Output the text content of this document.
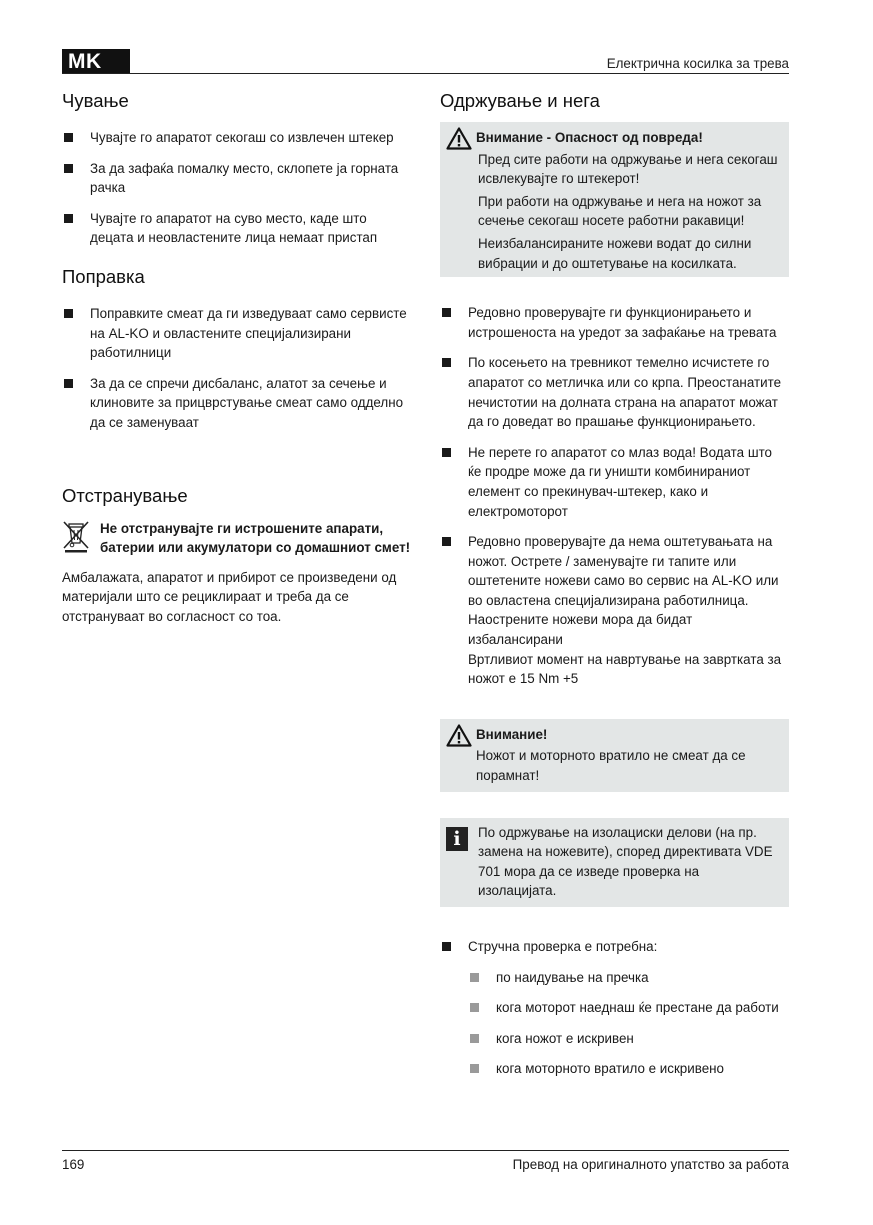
MK	Електрична косилка за трева
Чување
Чувајте го апаратот секогаш со извлечен штекер
За да зафаќа помалку место, склопете ја горната рачка
Чувајте го апаратот на суво место, каде што децата и неовластените лица немаат пристап
Поправка
Поправките смеат да ги изведуваат само сервисте на AL-KO и овластените специјализирани работилници
За да се спречи дисбаланс, алатот за сечење и клиновите за прицврстување смеат само одделно да се заменуваат
Отстранување
Не отстранувајте ги истрошените апарати, батерии или акумулатори со домашниот смет!
Амбалажата, апаратот и прибирот се произведени од материјали што се рециклираат и треба да се отстрануваат во согласност со тоа.
Одржување и нега
Внимание - Опасност од повреда!
Пред сите работи на одржување и нега секогаш исвлекувајте го штекерот!
При работи на одржување и нега на ножот за сечење секогаш носете работни ракавици!
Неизбалансираните ножеви водат до силни вибрации и до оштетување на косилката.
Редовно проверувајте ги функционирањето и истрошеноста на уредот за зафаќање на тревата
По косењето на тревникот темелно исчистете го апаратот со метличка или со крпа. Преостанатите нечистотии на долната страна на апаратот можат да го доведат во прашање функционирањето.
Не перете го апаратот со млаз вода! Водата што ќе продре може да ги уништи комбинираниот елемент со прекинувач-штекер, како и електромоторот
Редовно проверувајте да нема оштетувањата на ножот. Острете / заменувајте ги тапите или оштетените ножеви само во сервис на AL-KO или во овластена специјализирана работилница. Наострените ножеви мора да бидат избалансирани
Вртливиот момент на навртување на завртката за ножот е 15 Nm +5
Внимание!
Ножот и моторното вратило не смеат да се порамнат!
i	По одржување на изолациски делови (на пр. замена на ножевите), според директивата VDE 701 мора да се изведе проверка на изолацијата.
Стручна проверка е потребна:
по наидување на пречка
кога моторот наеднаш ќе престане да работи
кога ножот е искривен
кога моторното вратило е искривено
169	Превод на оригиналното упатство за работа
